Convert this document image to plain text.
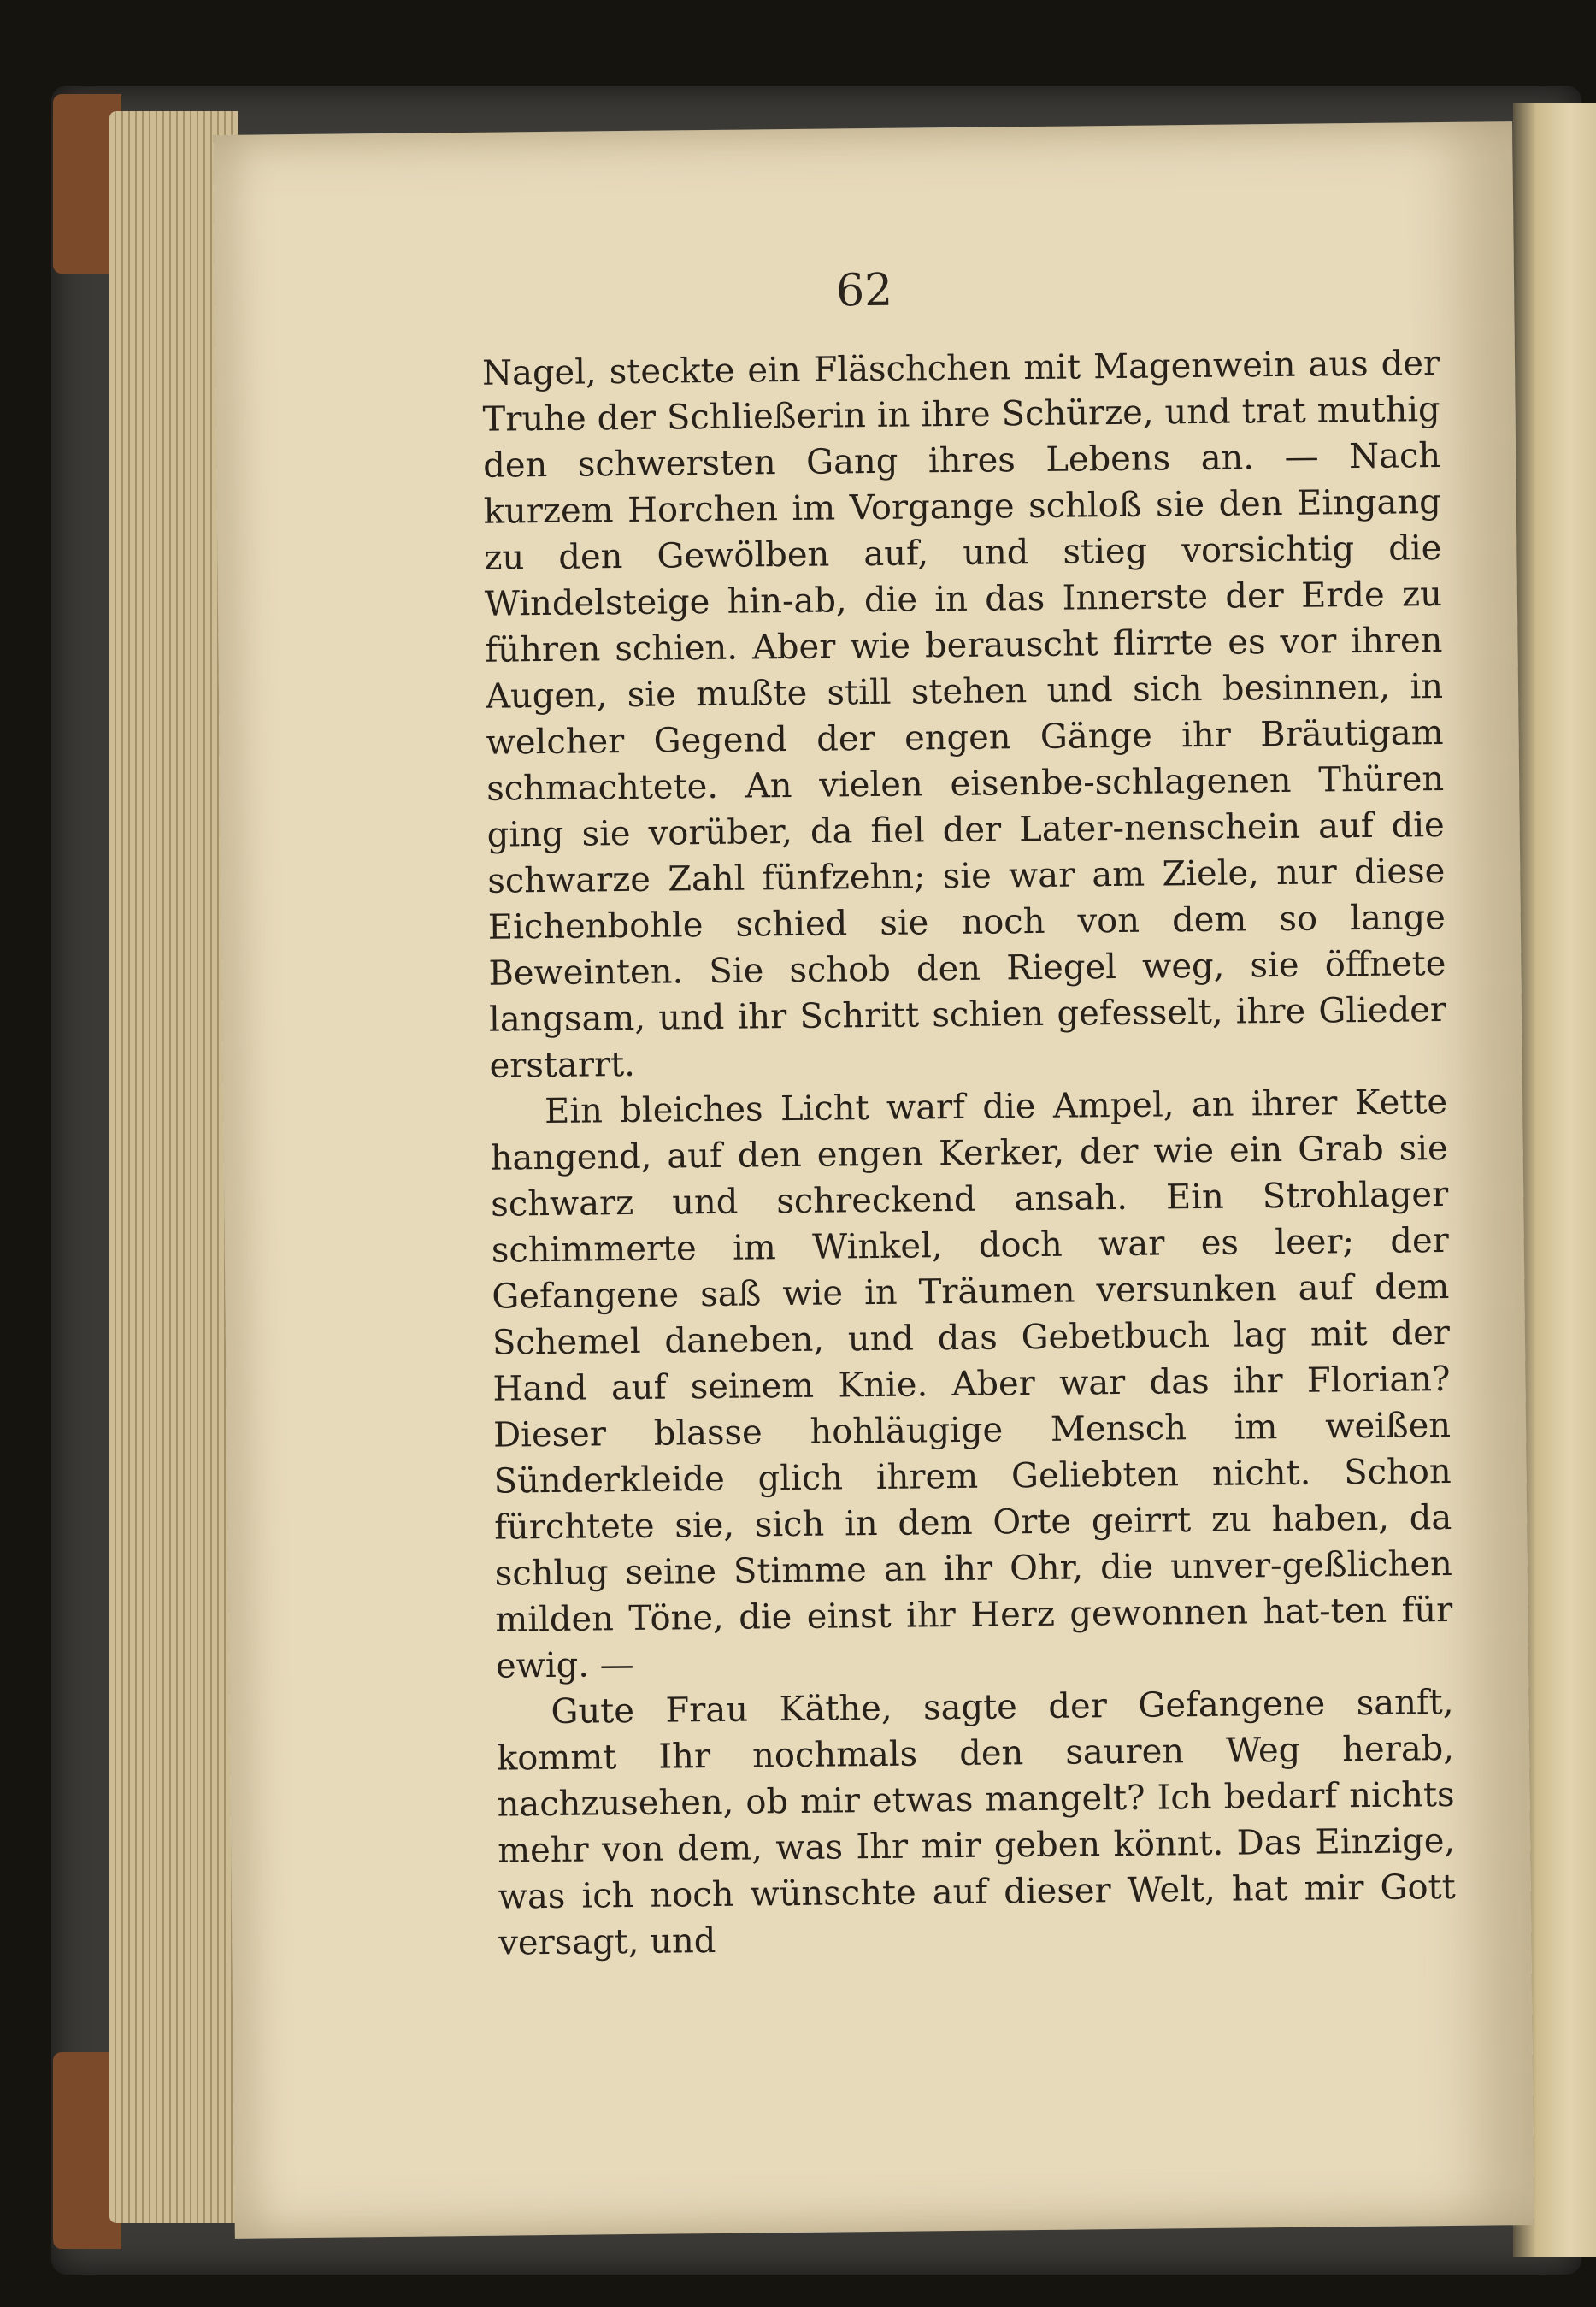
62

Nagel, steckte ein Fläschchen mit Magenwein aus der Truhe der Schließerin in ihre Schürze, und trat muthig den schwersten Gang ihres Lebens an. — Nach kurzem Horchen im Vorgange schloß sie den Eingang zu den Gewölben auf, und stieg vorsichtig die Windelsteige hin-ab, die in das Innerste der Erde zu führen schien. Aber wie berauscht flirrte es vor ihren Augen, sie mußte still stehen und sich besinnen, in welcher Gegend der engen Gänge ihr Bräutigam schmachtete. An vielen eisenbe-schlagenen Thüren ging sie vorüber, da fiel der Later-nenschein auf die schwarze Zahl fünfzehn; sie war am Ziele, nur diese Eichenbohle schied sie noch von dem so lange Beweinten. Sie schob den Riegel weg, sie öffnete langsam, und ihr Schritt schien gefesselt, ihre Glieder erstarrt.

Ein bleiches Licht warf die Ampel, an ihrer Kette hangend, auf den engen Kerker, der wie ein Grab sie schwarz und schreckend ansah. Ein Strohlager schimmerte im Winkel, doch war es leer; der Gefangene saß wie in Träumen versunken auf dem Schemel daneben, und das Gebetbuch lag mit der Hand auf seinem Knie. Aber war das ihr Florian? Dieser blasse hohläugige Mensch im weißen Sünderkleide glich ihrem Geliebten nicht. Schon fürchtete sie, sich in dem Orte geirrt zu haben, da schlug seine Stimme an ihr Ohr, die unver-geßlichen milden Töne, die einst ihr Herz gewonnen hat-ten für ewig. —

Gute Frau Käthe, sagte der Gefangene sanft, kommt Ihr nochmals den sauren Weg herab, nachzusehen, ob mir etwas mangelt? Ich bedarf nichts mehr von dem, was Ihr mir geben könnt. Das Einzige, was ich noch wünschte auf dieser Welt, hat mir Gott versagt, und
